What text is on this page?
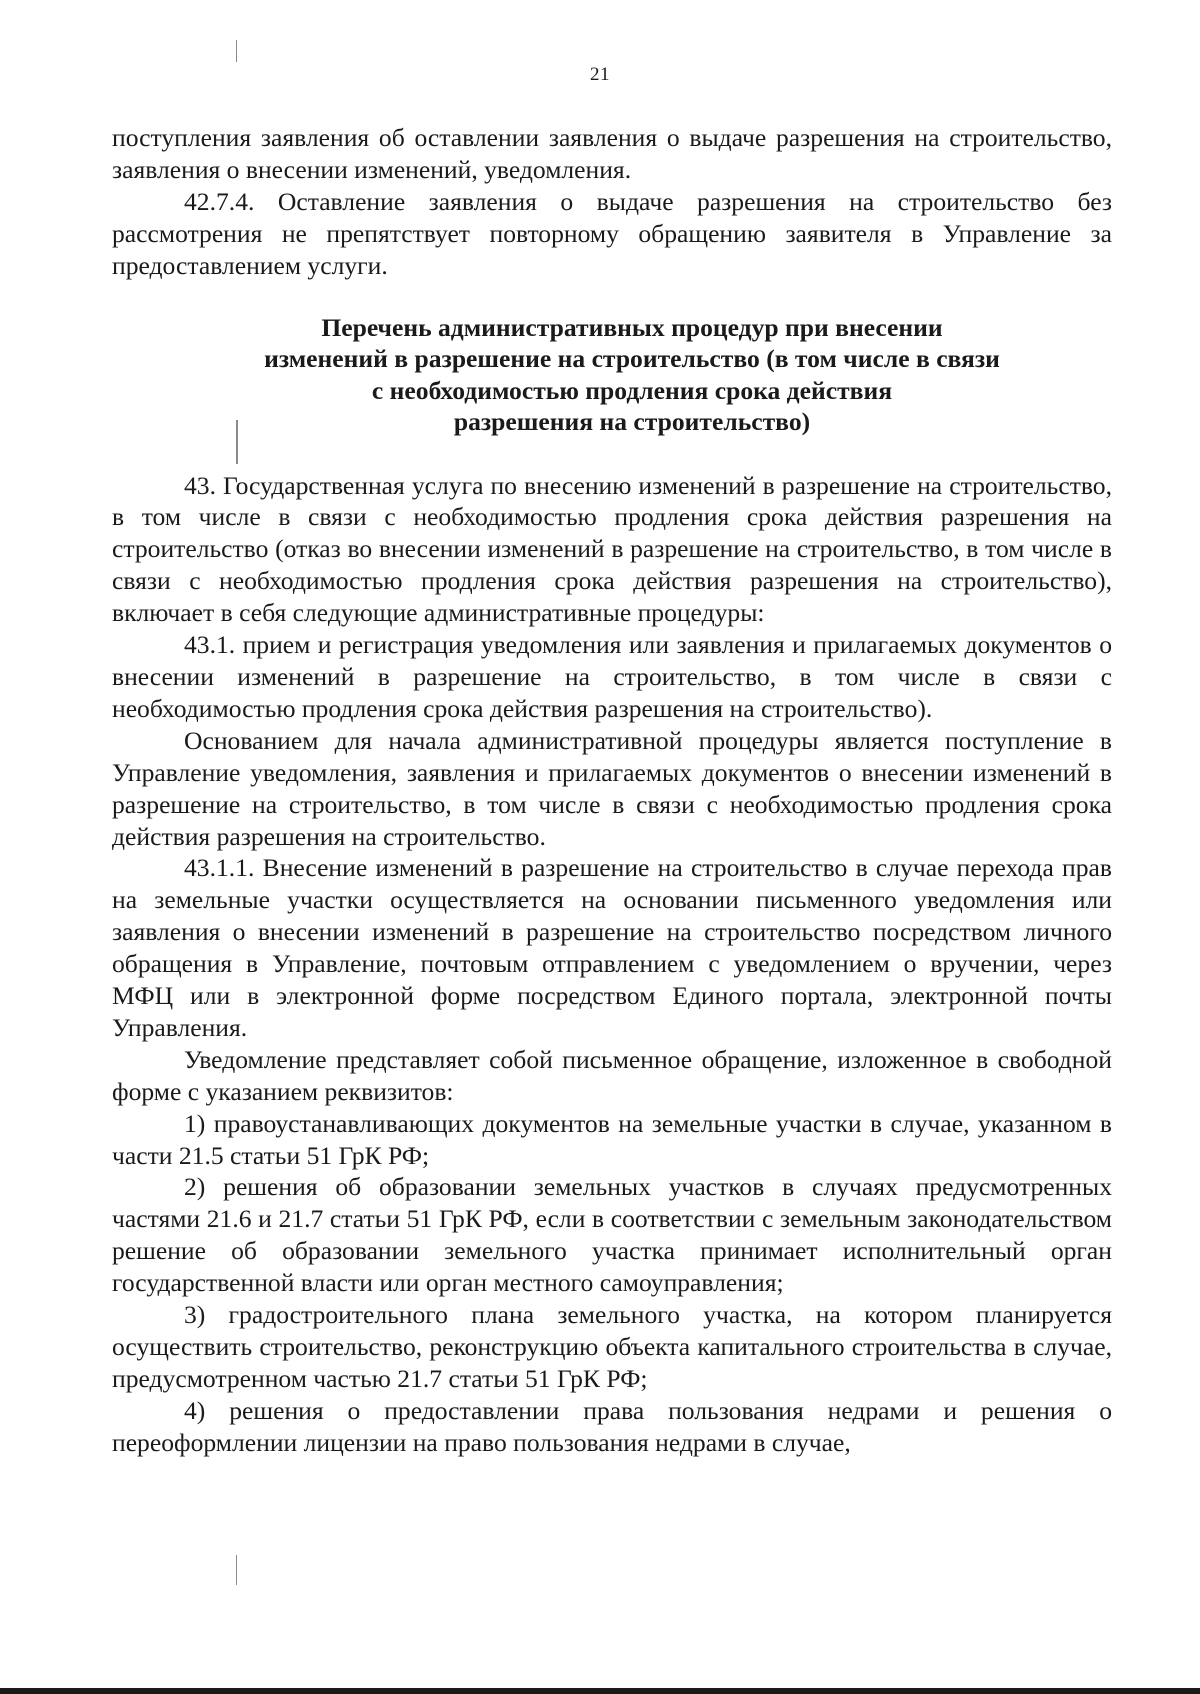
21

поступления заявления об оставлении заявления о выдаче разрешения на строительство, заявления о внесении изменений, уведомления.

42.7.4. Оставление заявления о выдаче разрешения на строительство без рассмотрения не препятствует повторному обращению заявителя в Управление за предоставлением услуги.

Перечень административных процедур при внесении
изменений в разрешение на строительство (в том числе в связи
с необходимостью продления срока действия
разрешения на строительство)

43. Государственная услуга по внесению изменений в разрешение на строительство, в том числе в связи с необходимостью продления срока действия разрешения на строительство (отказ во внесении изменений в разрешение на строительство, в том числе в связи с необходимостью продления срока действия разрешения на строительство), включает в себя следующие административные процедуры:

43.1. прием и регистрация уведомления или заявления и прилагаемых документов о внесении изменений в разрешение на строительство, в том числе в связи с необходимостью продления срока действия разрешения на строительство).

Основанием для начала административной процедуры является поступление в Управление уведомления, заявления и прилагаемых документов о внесении изменений в разрешение на строительство, в том числе в связи с необходимостью продления срока действия разрешения на строительство.

43.1.1. Внесение изменений в разрешение на строительство в случае перехода прав на земельные участки осуществляется на основании письменного уведомления или заявления о внесении изменений в разрешение на строительство посредством личного обращения в Управление, почтовым отправлением с уведомлением о вручении, через МФЦ или в электронной форме посредством Единого портала, электронной почты Управления.

Уведомление представляет собой письменное обращение, изложенное в свободной форме с указанием реквизитов:

1) правоустанавливающих документов на земельные участки в случае, указанном в части 21.5 статьи 51 ГрК РФ;

2) решения об образовании земельных участков в случаях предусмотренных частями 21.6 и 21.7 статьи 51 ГрК РФ, если в соответствии с земельным законодательством решение об образовании земельного участка принимает исполнительный орган государственной власти или орган местного самоуправления;

3) градостроительного плана земельного участка, на котором планируется осуществить строительство, реконструкцию объекта капитального строительства в случае, предусмотренном частью 21.7 статьи 51 ГрК РФ;

4) решения о предоставлении права пользования недрами и решения о переоформлении лицензии на право пользования недрами в случае,
